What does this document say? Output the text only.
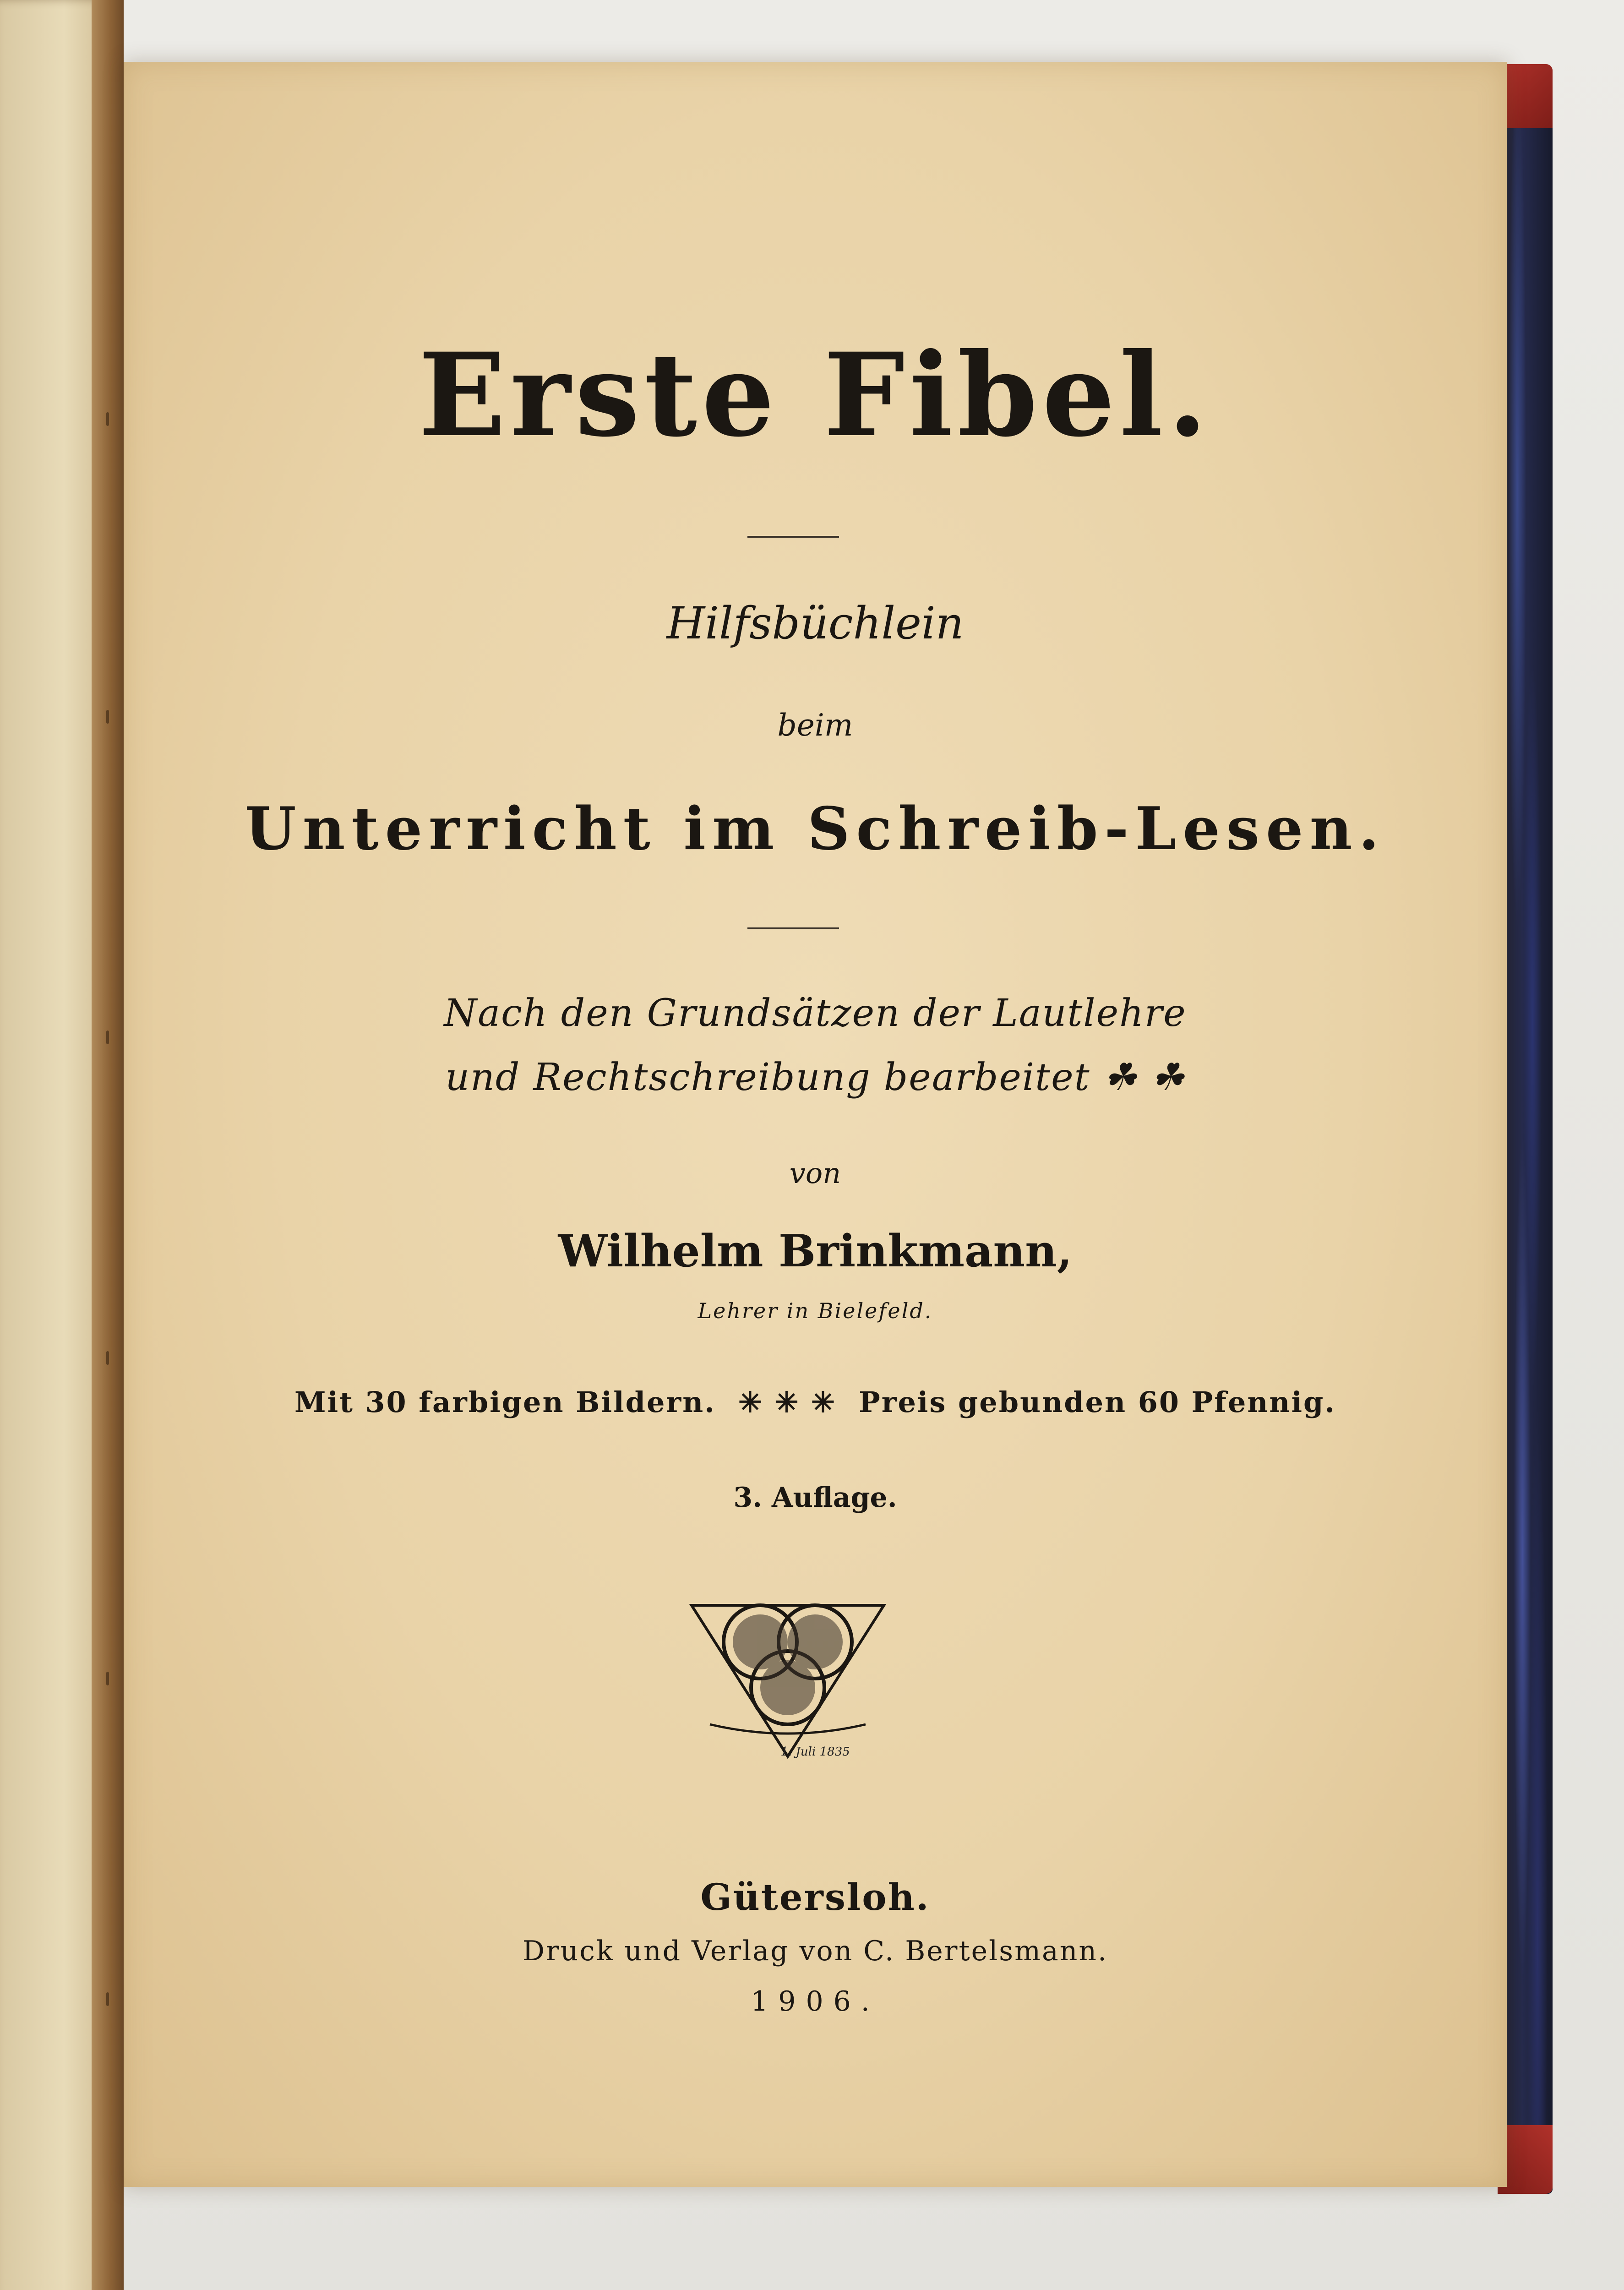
Erste Fibel.
Hilfsbüchlein
beim
Unterricht im Schreib-Lesen.
Nach den Grundsätzen der Lautlehre
und Rechtschreibung bearbeitet ☘ ☘
von
Wilhelm Brinkmann,
Lehrer in Bielefeld.
Mit 30 farbigen Bildern. ✳ ✳ ✳ Preis gebunden 60 Pfennig.
3. Auflage.
1. Juli 1835
Gütersloh.
Druck und Verlag von C. Bertelsmann.
1906.
